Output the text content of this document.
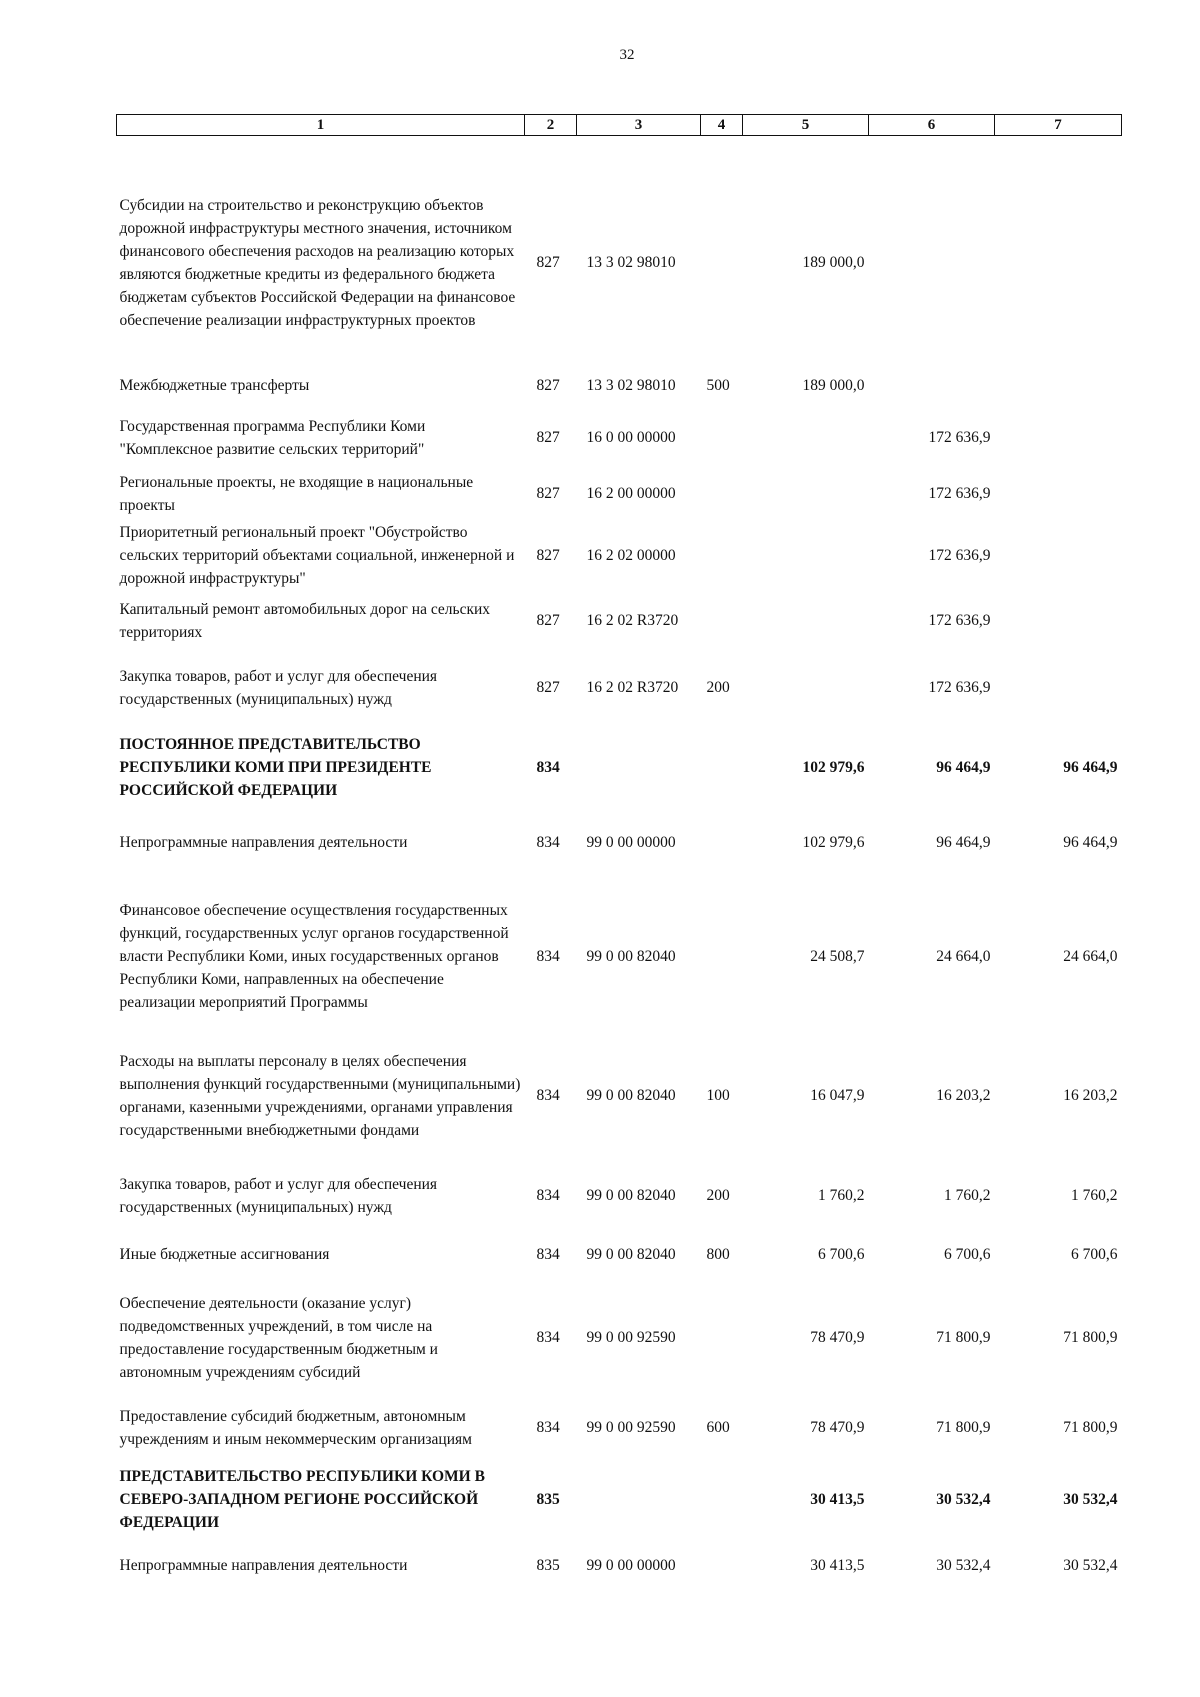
32
1	2	3	4	5	6	7
Субсидии на строительство и реконструкцию объектов дорожной инфраструктуры местного значения, источником финансового обеспечения расходов на реализацию которых являются бюджетные кредиты из федерального бюджета бюджетам субъектов Российской Федерации на финансовое обеспечение реализации инфраструктурных проектов	827	13 3 02 98010		189 000,0		
Межбюджетные трансферты	827	13 3 02 98010	500	189 000,0		
Государственная программа Республики Коми "Комплексное развитие сельских территорий"	827	16 0 00 00000			172 636,9	
Региональные проекты, не входящие в национальные проекты	827	16 2 00 00000			172 636,9	
Приоритетный региональный проект "Обустройство сельских территорий объектами социальной, инженерной и дорожной инфраструктуры"	827	16 2 02 00000			172 636,9	
Капитальный ремонт автомобильных дорог на сельских территориях	827	16 2 02 R3720			172 636,9	
Закупка товаров, работ и услуг для обеспечения государственных (муниципальных) нужд	827	16 2 02 R3720	200		172 636,9	
ПОСТОЯННОЕ ПРЕДСТАВИТЕЛЬСТВО РЕСПУБЛИКИ КОМИ ПРИ ПРЕЗИДЕНТЕ РОССИЙСКОЙ ФЕДЕРАЦИИ	834			102 979,6	96 464,9	96 464,9
Непрограммные направления деятельности	834	99 0 00 00000		102 979,6	96 464,9	96 464,9
Финансовое обеспечение осуществления государственных функций, государственных услуг органов государственной власти Республики Коми, иных государственных органов Республики Коми, направленных на обеспечение реализации мероприятий Программы	834	99 0 00 82040		24 508,7	24 664,0	24 664,0
Расходы на выплаты персоналу в целях обеспечения выполнения функций государственными (муниципальными) органами, казенными учреждениями, органами управления государственными внебюджетными фондами	834	99 0 00 82040	100	16 047,9	16 203,2	16 203,2
Закупка товаров, работ и услуг для обеспечения государственных (муниципальных) нужд	834	99 0 00 82040	200	1 760,2	1 760,2	1 760,2
Иные бюджетные ассигнования	834	99 0 00 82040	800	6 700,6	6 700,6	6 700,6
Обеспечение деятельности (оказание услуг) подведомственных учреждений, в том числе на предоставление государственным бюджетным и автономным учреждениям субсидий	834	99 0 00 92590		78 470,9	71 800,9	71 800,9
Предоставление субсидий бюджетным, автономным учреждениям и иным некоммерческим организациям	834	99 0 00 92590	600	78 470,9	71 800,9	71 800,9
ПРЕДСТАВИТЕЛЬСТВО РЕСПУБЛИКИ КОМИ В СЕВЕРО-ЗАПАДНОМ РЕГИОНЕ РОССИЙСКОЙ ФЕДЕРАЦИИ	835			30 413,5	30 532,4	30 532,4
Непрограммные направления деятельности	835	99 0 00 00000		30 413,5	30 532,4	30 532,4
